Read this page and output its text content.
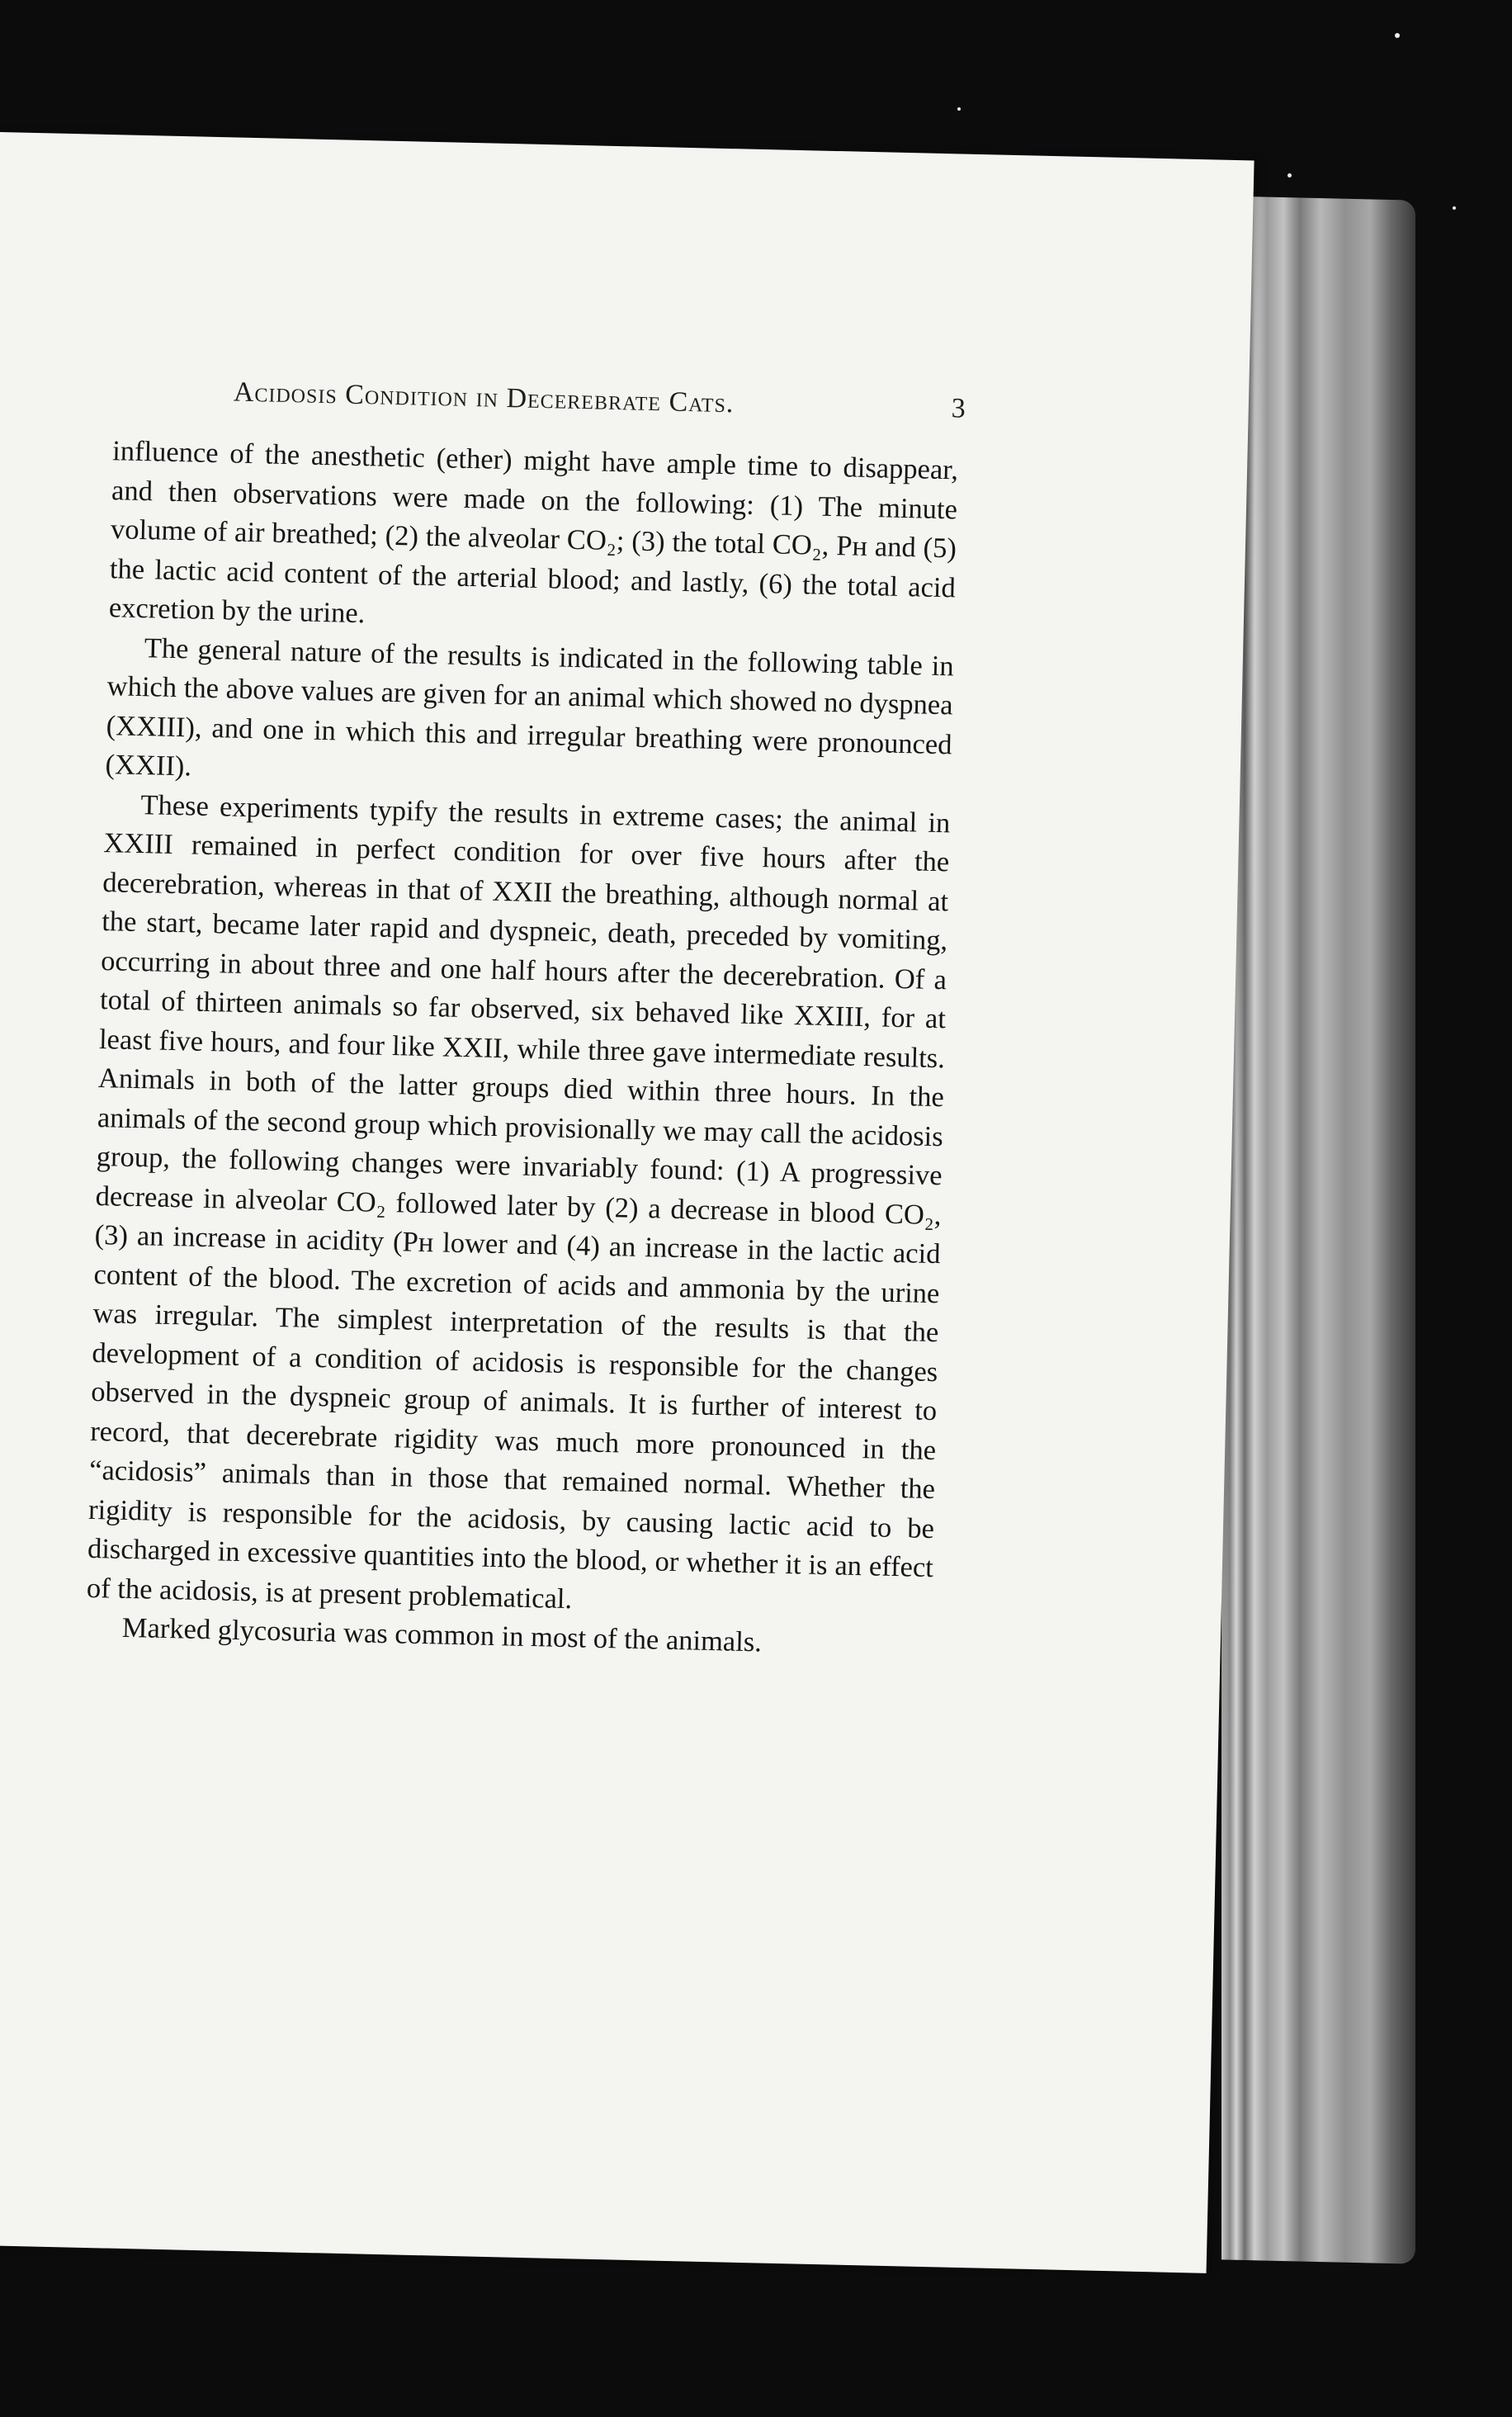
Acidosis Condition in Decerebrate Cats.	3

influence of the anesthetic (ether) might have ample time to disappear, and then observations were made on the following: (1) The minute volume of air breathed; (2) the alveolar CO₂; (3) the total CO₂, Pʜ and (5) the lactic acid content of the arterial blood; and lastly, (6) the total acid excretion by the urine.

The general nature of the results is indicated in the following table in which the above values are given for an animal which showed no dyspnea (XXIII), and one in which this and irregular breathing were pronounced (XXII).

These experiments typify the results in extreme cases; the animal in XXIII remained in perfect condition for over five hours after the decerebration, whereas in that of XXII the breathing, although normal at the start, became later rapid and dyspneic, death, preceded by vomiting, occurring in about three and one half hours after the decerebration. Of a total of thirteen animals so far observed, six behaved like XXIII, for at least five hours, and four like XXII, while three gave intermediate results. Animals in both of the latter groups died within three hours. In the animals of the second group which provisionally we may call the acidosis group, the following changes were invariably found: (1) A progressive decrease in alveolar CO₂ followed later by (2) a decrease in blood CO₂, (3) an increase in acidity (Pʜ lower and (4) an increase in the lactic acid content of the blood. The excretion of acids and ammonia by the urine was irregular. The simplest interpretation of the results is that the development of a condition of acidosis is responsible for the changes observed in the dyspneic group of animals. It is further of interest to record, that decerebrate rigidity was much more pronounced in the “acidosis” animals than in those that remained normal. Whether the rigidity is responsible for the acidosis, by causing lactic acid to be discharged in excessive quantities into the blood, or whether it is an effect of the acidosis, is at present problematical.

Marked glycosuria was common in most of the animals.
